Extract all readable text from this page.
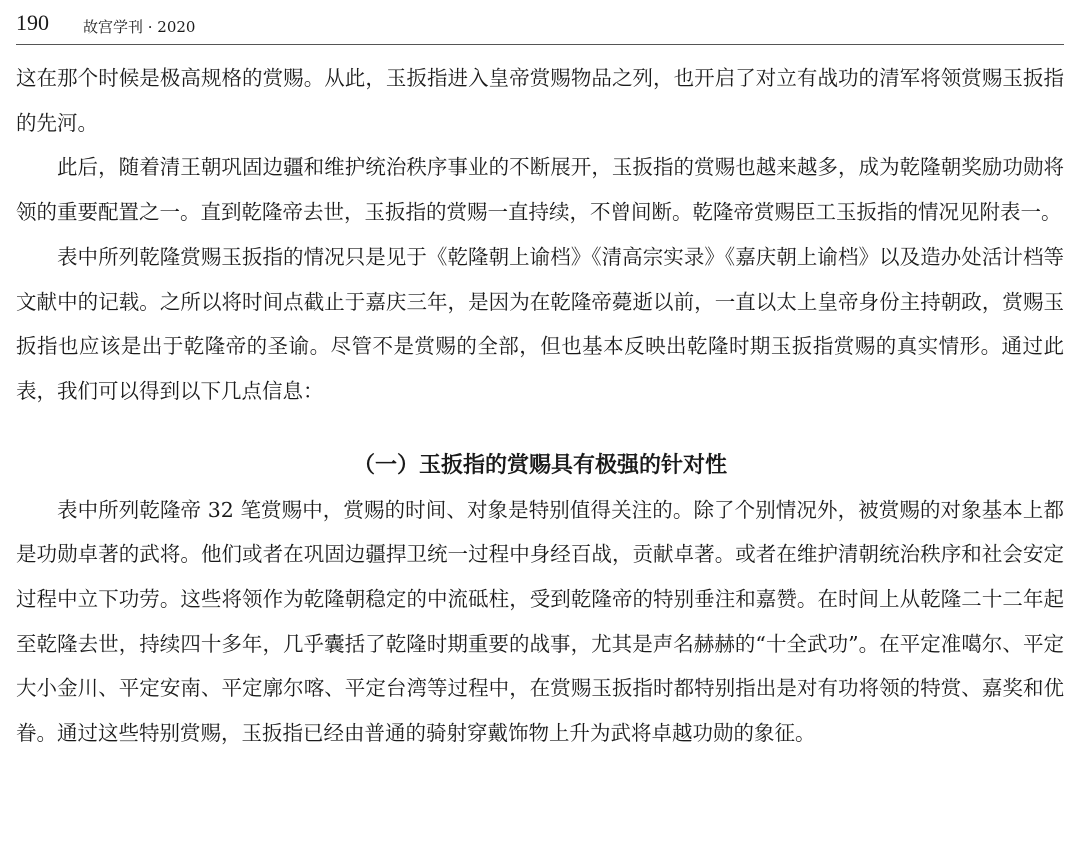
190 故宫学刊 · 2020

这在那个时候是极高规格的赏赐。从此，玉扳指进入皇帝赏赐物品之列，也开启了对立有战功的清军将领赏赐玉扳指的先河。

此后，随着清王朝巩固边疆和维护统治秩序事业的不断展开，玉扳指的赏赐也越来越多，成为乾隆朝奖励功勋将领的重要配置之一。直到乾隆帝去世，玉扳指的赏赐一直持续，不曾间断。乾隆帝赏赐臣工玉扳指的情况见附表一。

表中所列乾隆赏赐玉扳指的情况只是见于《乾隆朝上谕档》《清高宗实录》《嘉庆朝上谕档》以及造办处活计档等文献中的记载。之所以将时间点截止于嘉庆三年，是因为在乾隆帝薨逝以前，一直以太上皇帝身份主持朝政，赏赐玉扳指也应该是出于乾隆帝的圣谕。尽管不是赏赐的全部，但也基本反映出乾隆时期玉扳指赏赐的真实情形。通过此表，我们可以得到以下几点信息：

（一）玉扳指的赏赐具有极强的针对性

表中所列乾隆帝 32 笔赏赐中，赏赐的时间、对象是特别值得关注的。除了个别情况外，被赏赐的对象基本上都是功勋卓著的武将。他们或者在巩固边疆捍卫统一过程中身经百战，贡献卓著。或者在维护清朝统治秩序和社会安定过程中立下功劳。这些将领作为乾隆朝稳定的中流砥柱，受到乾隆帝的特别垂注和嘉赞。在时间上从乾隆二十二年起至乾隆去世，持续四十多年，几乎囊括了乾隆时期重要的战事，尤其是声名赫赫的“十全武功”。在平定准噶尔、平定大小金川、平定安南、平定廓尔喀、平定台湾等过程中，在赏赐玉扳指时都特别指出是对有功将领的特赏、嘉奖和优眷。通过这些特别赏赐，玉扳指已经由普通的骑射穿戴饰物上升为武将卓越功勋的象征。
